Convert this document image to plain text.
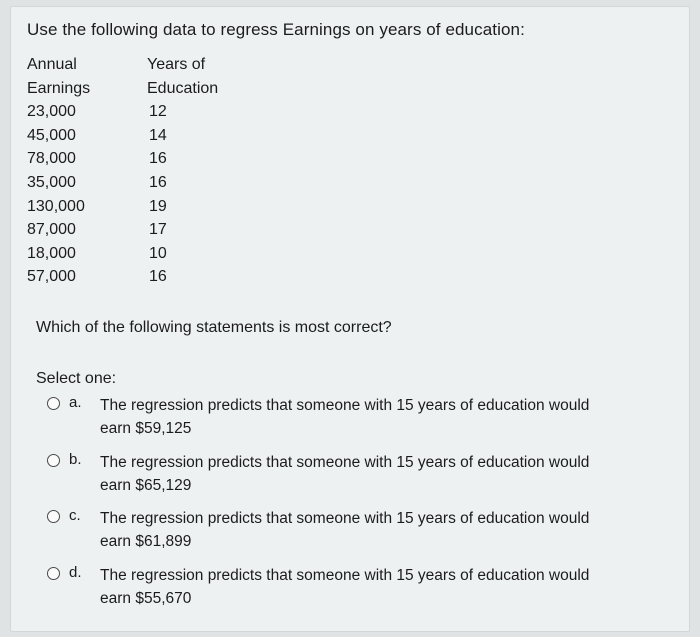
Use the following data to regress Earnings on years of education:
Annual
Earnings
23,000
45,000
78,000
35,000
130,000
87,000
18,000
57,000
Years of
Education
12
14
16
16
19
17
10
16
Which of the following statements is most correct?
Select one:
a. The regression predicts that someone with 15 years of education would
earn $59,125
b. The regression predicts that someone with 15 years of education would
earn $65,129
c. The regression predicts that someone with 15 years of education would
earn $61,899
d. The regression predicts that someone with 15 years of education would
earn $55,670
